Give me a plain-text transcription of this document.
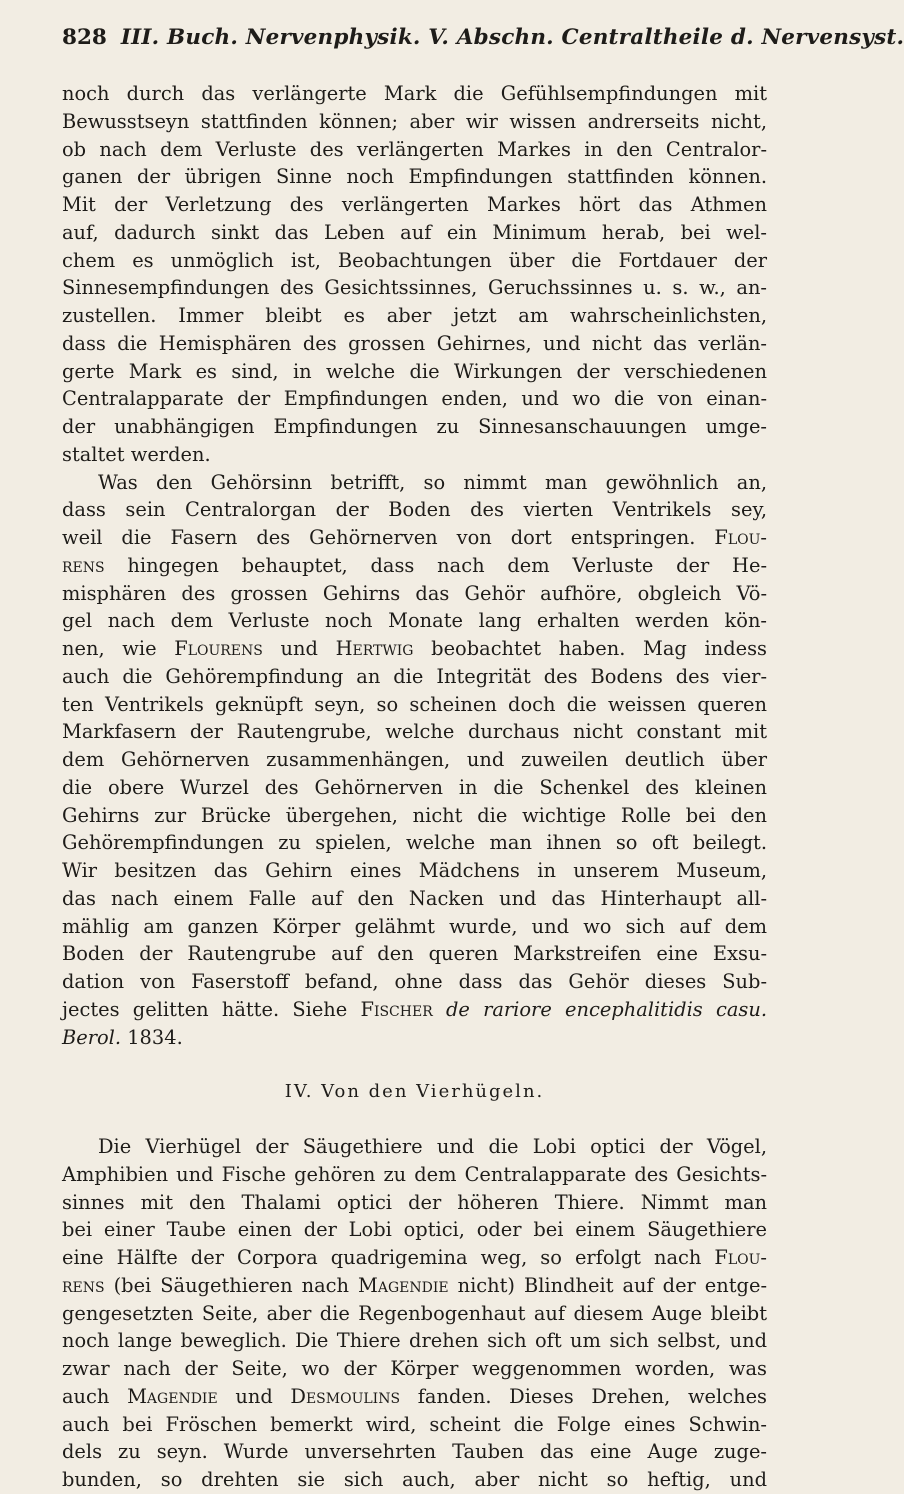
828 III. Buch. Nervenphysik. V. Abschn. Centraltheile d. Nervensyst.
noch durch das verlängerte Mark die Gefühlsempfindungen mit
Bewusstseyn stattfinden können; aber wir wissen andrerseits nicht,
ob nach dem Verluste des verlängerten Markes in den Centralor-
ganen der übrigen Sinne noch Empfindungen stattfinden können.
Mit der Verletzung des verlängerten Markes hört das Athmen
auf, dadurch sinkt das Leben auf ein Minimum herab, bei wel-
chem es unmöglich ist, Beobachtungen über die Fortdauer der
Sinnesempfindungen des Gesichtssinnes, Geruchssinnes u. s. w., an-
zustellen. Immer bleibt es aber jetzt am wahrscheinlichsten,
dass die Hemisphären des grossen Gehirnes, und nicht das verlän-
gerte Mark es sind, in welche die Wirkungen der verschiedenen
Centralapparate der Empfindungen enden, und wo die von einan-
der unabhängigen Empfindungen zu Sinnesanschauungen umge-
staltet werden.
Was den Gehörsinn betrifft, so nimmt man gewöhnlich an,
dass sein Centralorgan der Boden des vierten Ventrikels sey,
weil die Fasern des Gehörnerven von dort entspringen. Flou-
rens hingegen behauptet, dass nach dem Verluste der He-
misphären des grossen Gehirns das Gehör aufhöre, obgleich Vö-
gel nach dem Verluste noch Monate lang erhalten werden kön-
nen, wie Flourens und Hertwig beobachtet haben. Mag indess
auch die Gehörempfindung an die Integrität des Bodens des vier-
ten Ventrikels geknüpft seyn, so scheinen doch die weissen queren
Markfasern der Rautengrube, welche durchaus nicht constant mit
dem Gehörnerven zusammenhängen, und zuweilen deutlich über
die obere Wurzel des Gehörnerven in die Schenkel des kleinen
Gehirns zur Brücke übergehen, nicht die wichtige Rolle bei den
Gehörempfindungen zu spielen, welche man ihnen so oft beilegt.
Wir besitzen das Gehirn eines Mädchens in unserem Museum,
das nach einem Falle auf den Nacken und das Hinterhaupt all-
mählig am ganzen Körper gelähmt wurde, und wo sich auf dem
Boden der Rautengrube auf den queren Markstreifen eine Exsu-
dation von Faserstoff befand, ohne dass das Gehör dieses Sub-
jectes gelitten hätte. Siehe Fischer de rariore encephalitidis casu.
Berol. 1834.
IV. Von den Vierhügeln.
Die Vierhügel der Säugethiere und die Lobi optici der Vögel,
Amphibien und Fische gehören zu dem Centralapparate des Gesichts-
sinnes mit den Thalami optici der höheren Thiere. Nimmt man
bei einer Taube einen der Lobi optici, oder bei einem Säugethiere
eine Hälfte der Corpora quadrigemina weg, so erfolgt nach Flou-
rens (bei Säugethieren nach Magendie nicht) Blindheit auf der entge-
gengesetzten Seite, aber die Regenbogenhaut auf diesem Auge bleibt
noch lange beweglich. Die Thiere drehen sich oft um sich selbst, und
zwar nach der Seite, wo der Körper weggenommen worden, was
auch Magendie und Desmoulins fanden. Dieses Drehen, welches
auch bei Fröschen bemerkt wird, scheint die Folge eines Schwin-
dels zu seyn. Wurde unversehrten Tauben das eine Auge zuge-
bunden, so drehten sie sich auch, aber nicht so heftig, und
